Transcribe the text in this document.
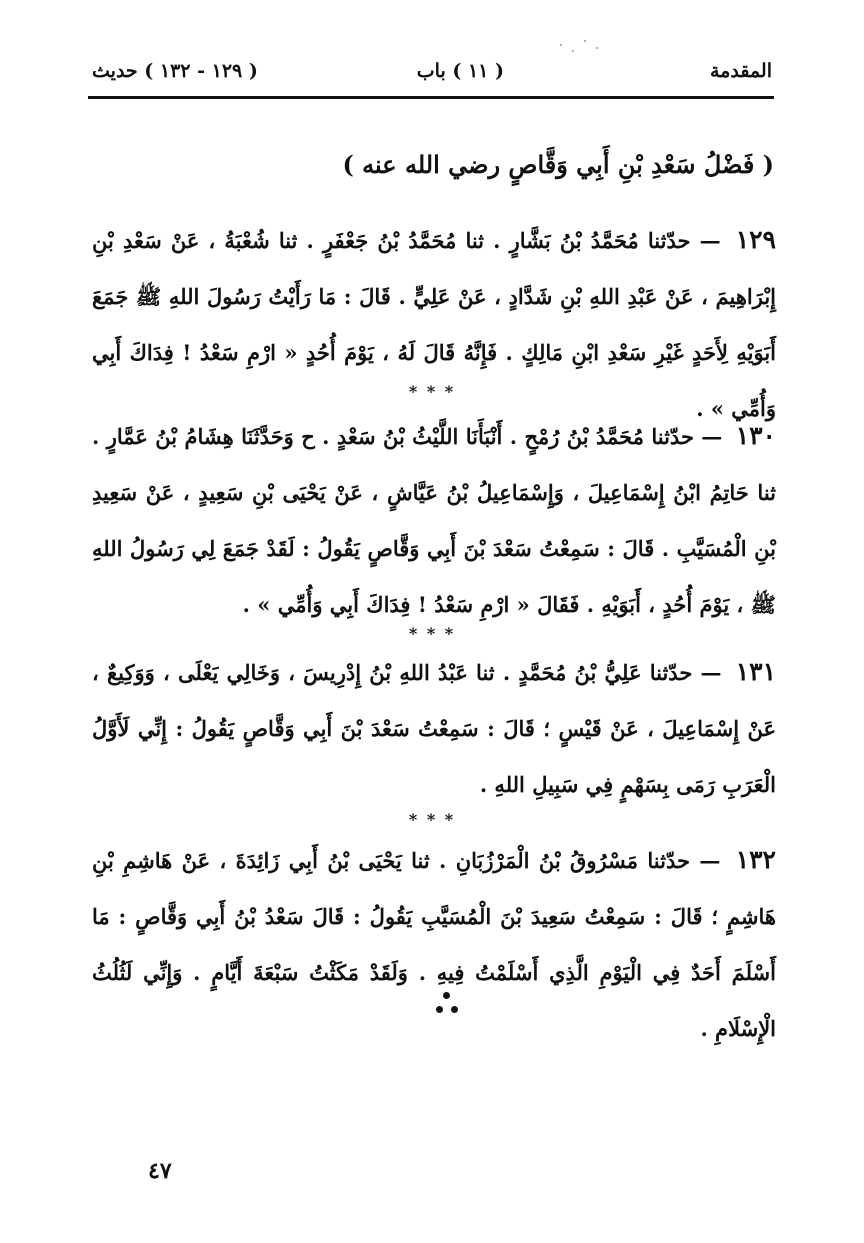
المقدمة
( ١١ ) باب
( ١٢٩ - ١٣٢ ) حديث
( فَضْلُ سَعْدِ بْنِ أَبِي وَقَّاصٍ رضي الله عنه )
١٢٩ — حدّثنا مُحَمَّدُ بْنُ بَشَّارٍ . ثنا مُحَمَّدُ بْنُ جَعْفَرٍ . ثنا شُعْبَةُ ، عَنْ سَعْدِ بْنِ إِبْرَاهِيمَ ، عَنْ عَبْدِ اللهِ بْنِ شَدَّادٍ ، عَنْ عَلِيٍّ . قَالَ : مَا رَأَيْتُ رَسُولَ اللهِ ﷺ جَمَعَ أَبَوَيْهِ لِأَحَدٍ غَيْرِ سَعْدِ ابْنِ مَالِكٍ . فَإِنَّهُ قَالَ لَهُ ، يَوْمَ أُحُدٍ « ارْمِ سَعْدُ ! فِدَاكَ أَبِي وَأُمِّي » .
* * *
١٣٠ — حدّثنا مُحَمَّدُ بْنُ رُمْحٍ . أَنْبَأَنَا اللَّيْثُ بْنُ سَعْدٍ . ح وَحَدَّثَنَا هِشَامُ بْنُ عَمَّارٍ . ثنا حَاتِمُ ابْنُ إِسْمَاعِيلَ ، وَإِسْمَاعِيلُ بْنُ عَيَّاشٍ ، عَنْ يَحْيَى بْنِ سَعِيدٍ ، عَنْ سَعِيدِ بْنِ الْمُسَيَّبِ . قَالَ : سَمِعْتُ سَعْدَ بْنَ أَبِي وَقَّاصٍ يَقُولُ : لَقَدْ جَمَعَ لِي رَسُولُ اللهِ ﷺ ، يَوْمَ أُحُدٍ ، أَبَوَيْهِ . فَقَالَ « ارْمِ سَعْدُ ! فِدَاكَ أَبِي وَأُمِّي » .
* * *
١٣١ — حدّثنا عَلِيُّ بْنُ مُحَمَّدٍ . ثنا عَبْدُ اللهِ بْنُ إِدْرِيسَ ، وَخَالِي يَعْلَى ، وَوَكِيعٌ ، عَنْ إِسْمَاعِيلَ ، عَنْ قَيْسٍ ؛ قَالَ : سَمِعْتُ سَعْدَ بْنَ أَبِي وَقَّاصٍ يَقُولُ : إِنِّي لَأَوَّلُ الْعَرَبِ رَمَى بِسَهْمٍ فِي سَبِيلِ اللهِ .
* * *
١٣٢ — حدّثنا مَسْرُوقُ بْنُ الْمَرْزُبَانِ . ثنا يَحْيَى بْنُ أَبِي زَائِدَةَ ، عَنْ هَاشِمِ بْنِ هَاشِمٍ ؛ قَالَ : سَمِعْتُ سَعِيدَ بْنَ الْمُسَيَّبِ يَقُولُ : قَالَ سَعْدُ بْنُ أَبِي وَقَّاصٍ : مَا أَسْلَمَ أَحَدٌ فِي الْيَوْمِ الَّذِي أَسْلَمْتُ فِيهِ . وَلَقَدْ مَكَثْتُ سَبْعَةَ أَيَّامٍ . وَإِنِّي لَثُلُثُ الْإِسْلَامِ .
٤٧
